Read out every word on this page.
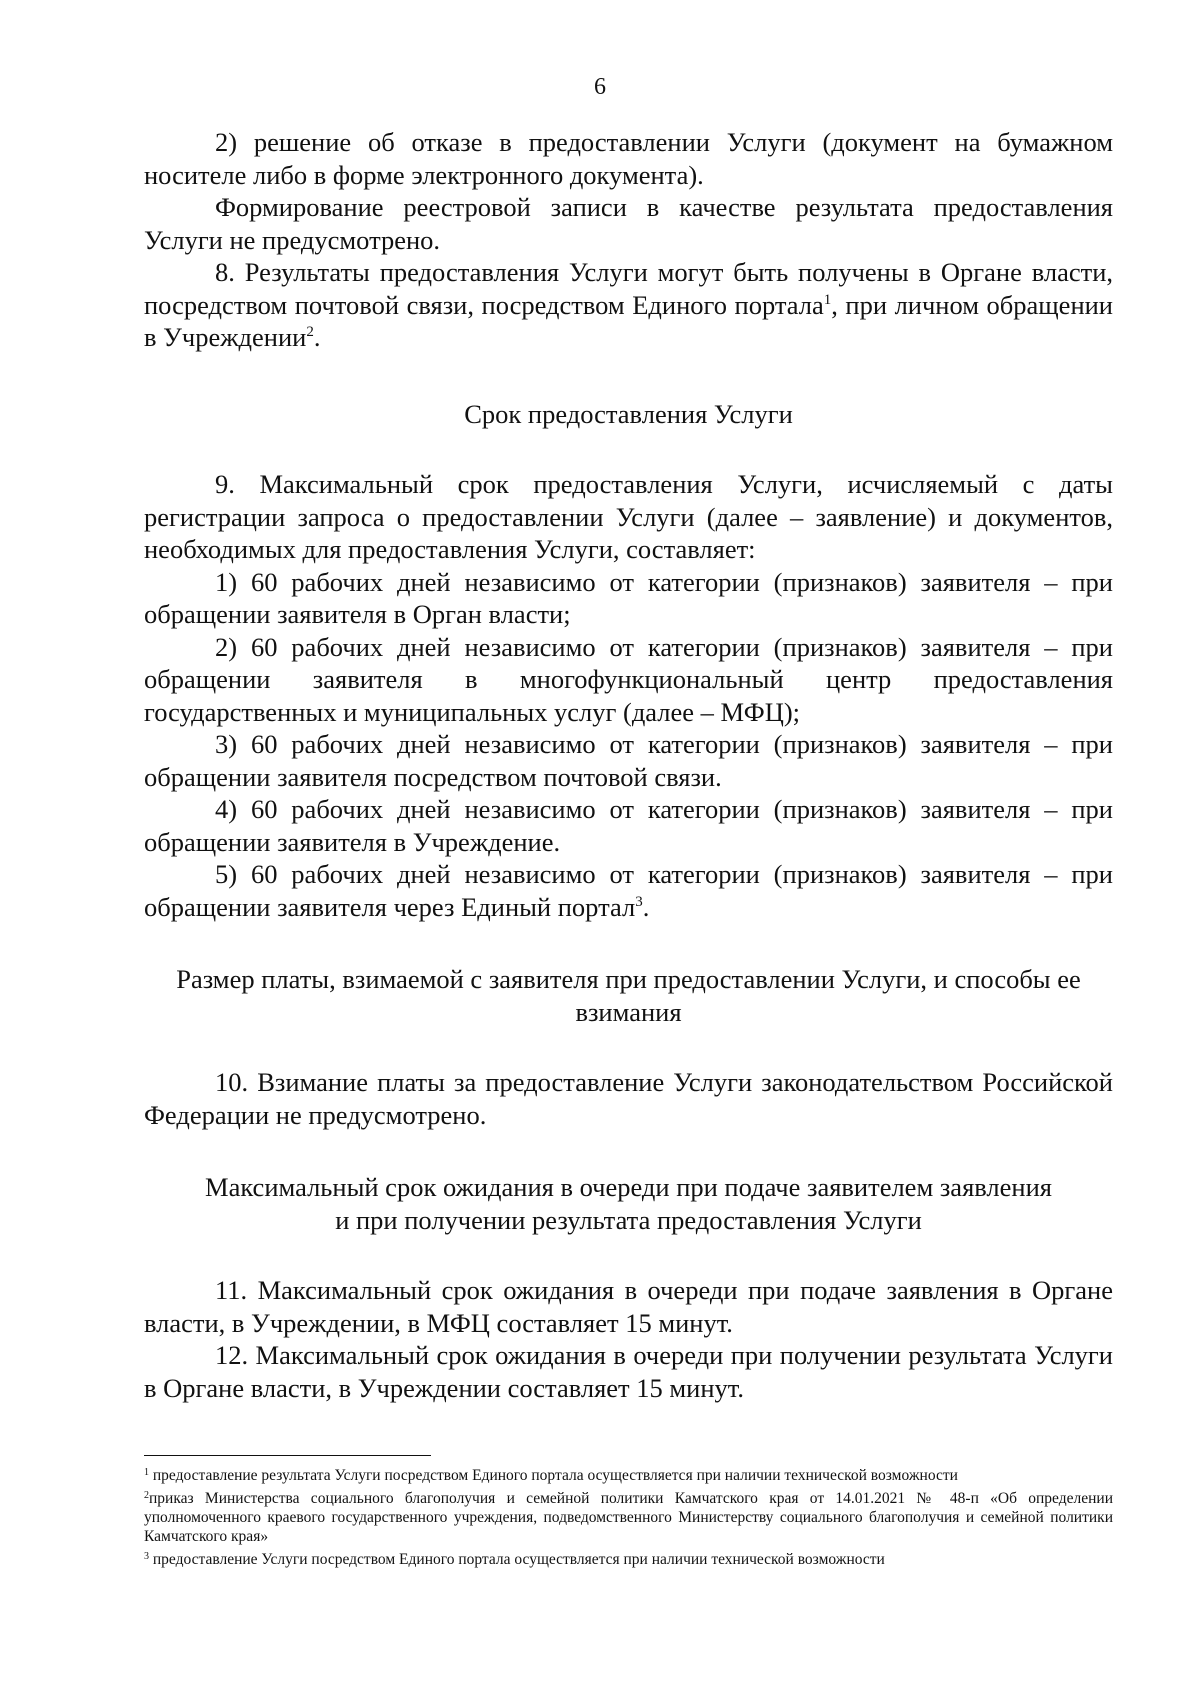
6

2) решение об отказе в предоставлении Услуги (документ на бумажном носителе либо в форме электронного документа).

Формирование реестровой записи в качестве результата предоставления Услуги не предусмотрено.

8. Результаты предоставления Услуги могут быть получены в Органе власти, посредством почтовой связи, посредством Единого портала$^1$, при личном обращении в Учреждении$^2$.

Срок предоставления Услуги

9. Максимальный срок предоставления Услуги, исчисляемый с даты регистрации запроса о предоставлении Услуги (далее – заявление) и документов, необходимых для предоставления Услуги, составляет:

1) 60 рабочих дней независимо от категории (признаков) заявителя – при обращении заявителя в Орган власти;

2) 60 рабочих дней независимо от категории (признаков) заявителя – при обращении заявителя в многофункциональный центр предоставления государственных и муниципальных услуг (далее – МФЦ);

3) 60 рабочих дней независимо от категории (признаков) заявителя – при обращении заявителя посредством почтовой связи.

4) 60 рабочих дней независимо от категории (признаков) заявителя – при обращении заявителя в Учреждение.

5) 60 рабочих дней независимо от категории (признаков) заявителя – при обращении заявителя через Единый портал$^3$.

Размер платы, взимаемой с заявителя при предоставлении Услуги, и способы ее взимания

10. Взимание платы за предоставление Услуги законодательством Российской Федерации не предусмотрено.

Максимальный срок ожидания в очереди при подаче заявителем заявления
и при получении результата предоставления Услуги

11. Максимальный срок ожидания в очереди при подаче заявления в Органе власти, в Учреждении, в МФЦ составляет 15 минут.

12. Максимальный срок ожидания в очереди при получении результата Услуги в Органе власти, в Учреждении составляет 15 минут.

$^1$ предоставление результата Услуги посредством Единого портала осуществляется при наличии технической возможности

$^2$приказ Министерства социального благополучия и семейной политики Камчатского края от 14.01.2021 № 48-п «Об определении уполномоченного краевого государственного учреждения, подведомственного Министерству социального благополучия и семейной политики Камчатского края»

$^3$ предоставление Услуги посредством Единого портала осуществляется при наличии технической возможности
